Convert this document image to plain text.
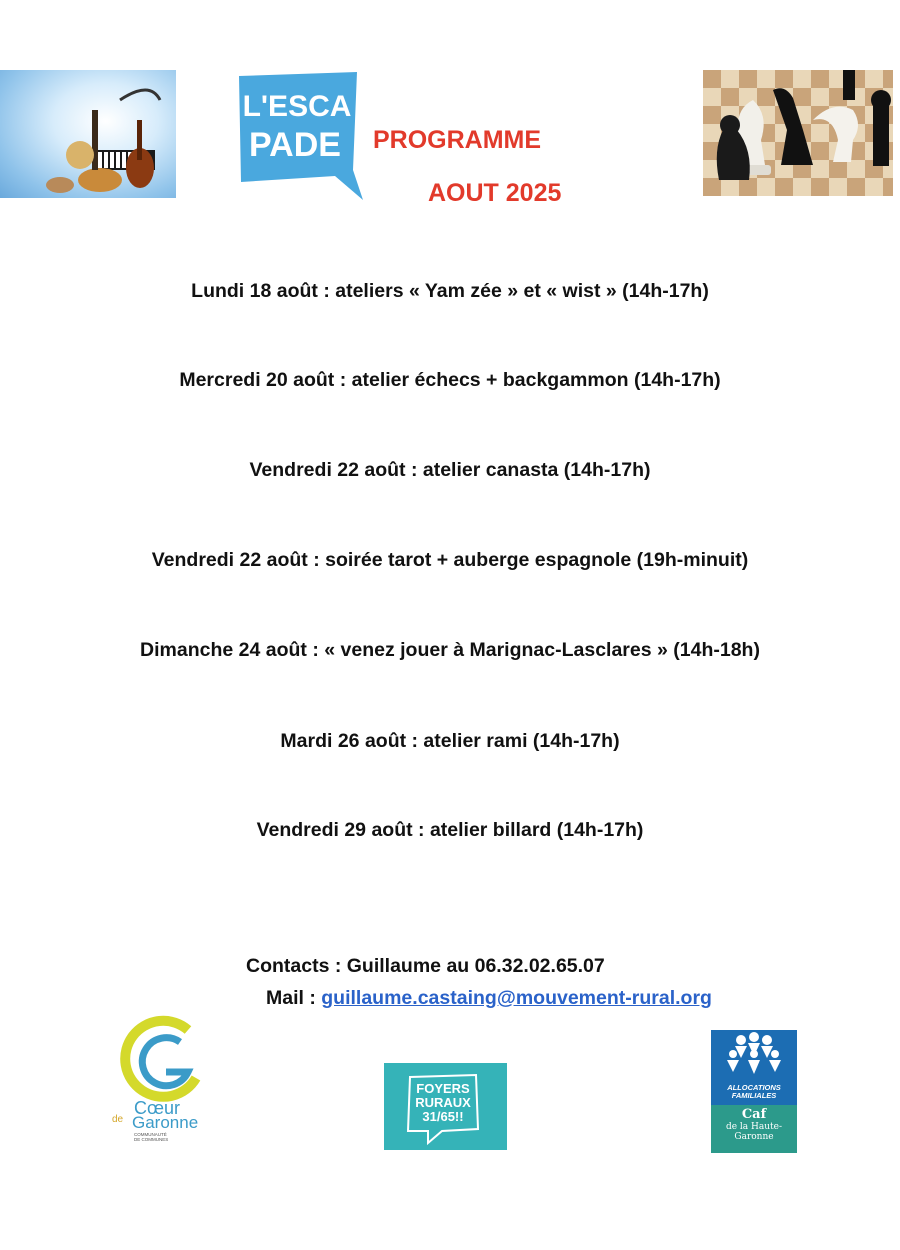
L'ESCA
PADE PROGRAMME
AOUT 2025
Lundi 18 août : ateliers « Yam zée » et « wist » (14h-17h)
Mercredi 20 août : atelier échecs + backgammon (14h-17h)
Vendredi 22 août : atelier canasta (14h-17h)
Vendredi 22 août : soirée tarot + auberge espagnole (19h-minuit)
Dimanche 24 août : « venez jouer à Marignac-Lasclares » (14h-18h)
Mardi 26 août : atelier rami (14h-17h)
Vendredi 29 août : atelier billard (14h-17h)
Contacts : Guillaume au 06.32.02.65.07
Mail : guillaume.castaing@mouvement-rural.org
Cœur
de Garonne
COMMUNAUTÉ
DE COMMUNES
FOYERS
RURAUX
31/65!!
ALLOCATIONS
FAMILIALES
Caf
de la Haute-
Garonne
